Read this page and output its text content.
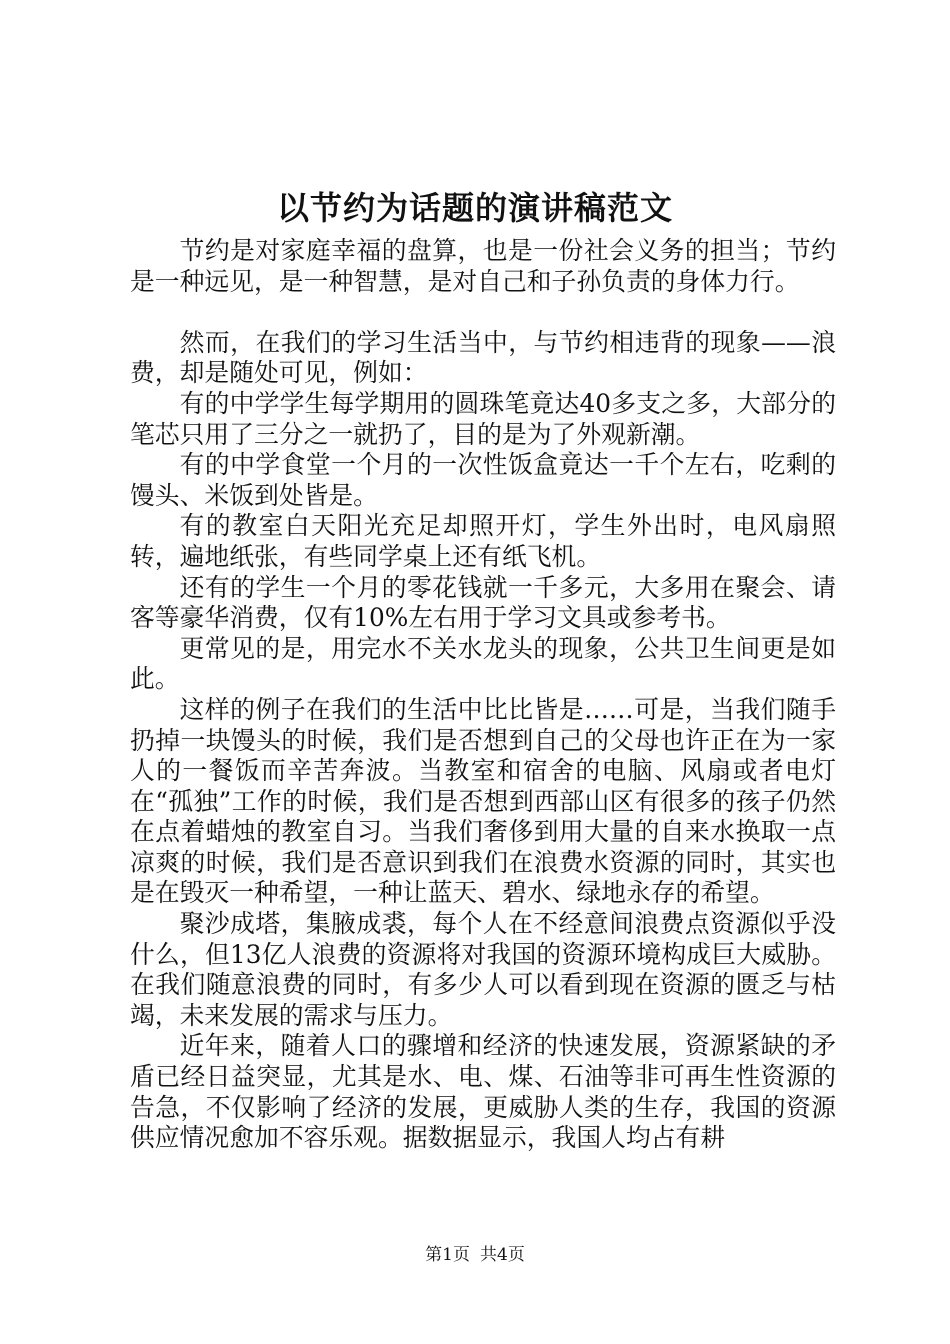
以节约为话题的演讲稿范文

节约是对家庭幸福的盘算，也是一份社会义务的担当；节约是一种远见，是一种智慧，是对自己和子孙负责的身体力行。

然而，在我们的学习生活当中，与节约相违背的现象——浪费，却是随处可见，例如：

有的中学学生每学期用的圆珠笔竟达40多支之多，大部分的笔芯只用了三分之一就扔了，目的是为了外观新潮。

有的中学食堂一个月的一次性饭盒竟达一千个左右，吃剩的馒头、米饭到处皆是。

有的教室白天阳光充足却照开灯，学生外出时，电风扇照转，遍地纸张，有些同学桌上还有纸飞机。

还有的学生一个月的零花钱就一千多元，大多用在聚会、请客等豪华消费，仅有10%左右用于学习文具或参考书。

更常见的是，用完水不关水龙头的现象，公共卫生间更是如此。

这样的例子在我们的生活中比比皆是……可是，当我们随手扔掉一块馒头的时候，我们是否想到自己的父母也许正在为一家人的一餐饭而辛苦奔波。当教室和宿舍的电脑、风扇或者电灯在“孤独”工作的时候，我们是否想到西部山区有很多的孩子仍然在点着蜡烛的教室自习。当我们奢侈到用大量的自来水换取一点凉爽的时候，我们是否意识到我们在浪费水资源的同时，其实也是在毁灭一种希望，一种让蓝天、碧水、绿地永存的希望。

聚沙成塔，集腋成裘，每个人在不经意间浪费点资源似乎没什么，但13亿人浪费的资源将对我国的资源环境构成巨大威胁。在我们随意浪费的同时，有多少人可以看到现在资源的匮乏与枯竭，未来发展的需求与压力。

近年来，随着人口的骤增和经济的快速发展，资源紧缺的矛盾已经日益突显，尤其是水、电、煤、石油等非可再生性资源的告急，不仅影响了经济的发展，更威胁人类的生存，我国的资源供应情况愈加不容乐观。据数据显示，我国人均占有耕

第1页 共4页
